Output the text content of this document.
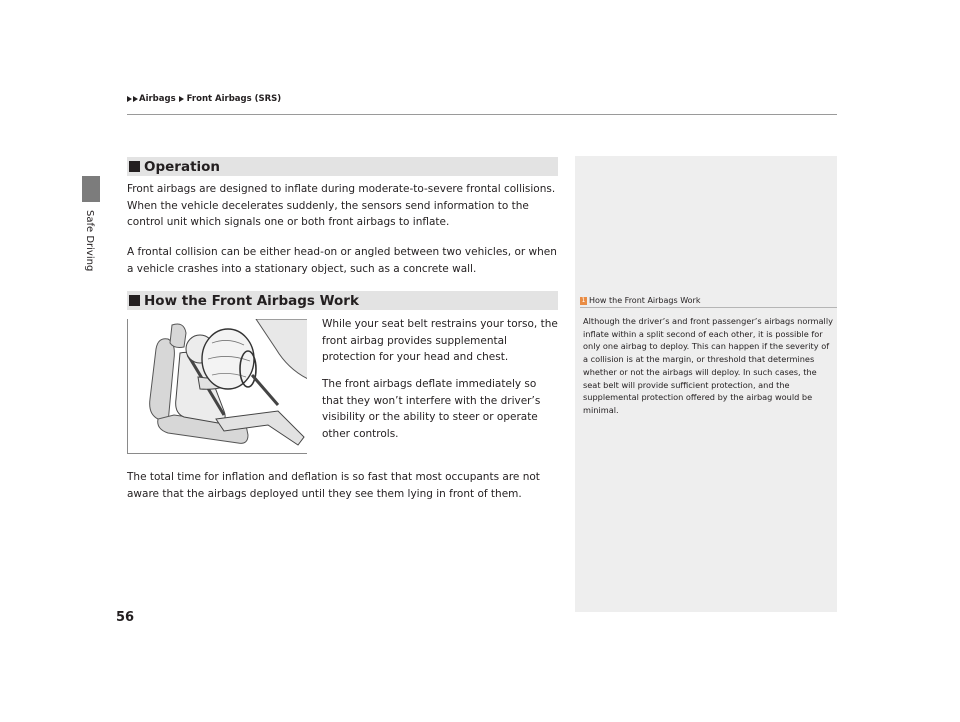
Airbags Front Airbags (SRS)
Safe Driving
Operation

Front airbags are designed to inflate during moderate-to-severe frontal collisions. When the vehicle decelerates suddenly, the sensors send information to the control unit which signals one or both front airbags to inflate.

A frontal collision can be either head-on or angled between two vehicles, or when a vehicle crashes into a stationary object, such as a concrete wall.

How the Front Airbags Work

While your seat belt restrains your torso, the front airbag provides supplemental protection for your head and chest.

The front airbags deflate immediately so that they won’t interfere with the driver’s visibility or the ability to steer or operate other controls.

The total time for inflation and deflation is so fast that most occupants are not aware that the airbags deployed until they see them lying in front of them.

1 How the Front Airbags Work

Although the driver’s and front passenger’s airbags normally inflate within a split second of each other, it is possible for only one airbag to deploy. This can happen if the severity of a collision is at the margin, or threshold that determines whether or not the airbags will deploy. In such cases, the seat belt will provide sufficient protection, and the supplemental protection offered by the airbag would be minimal.

56
